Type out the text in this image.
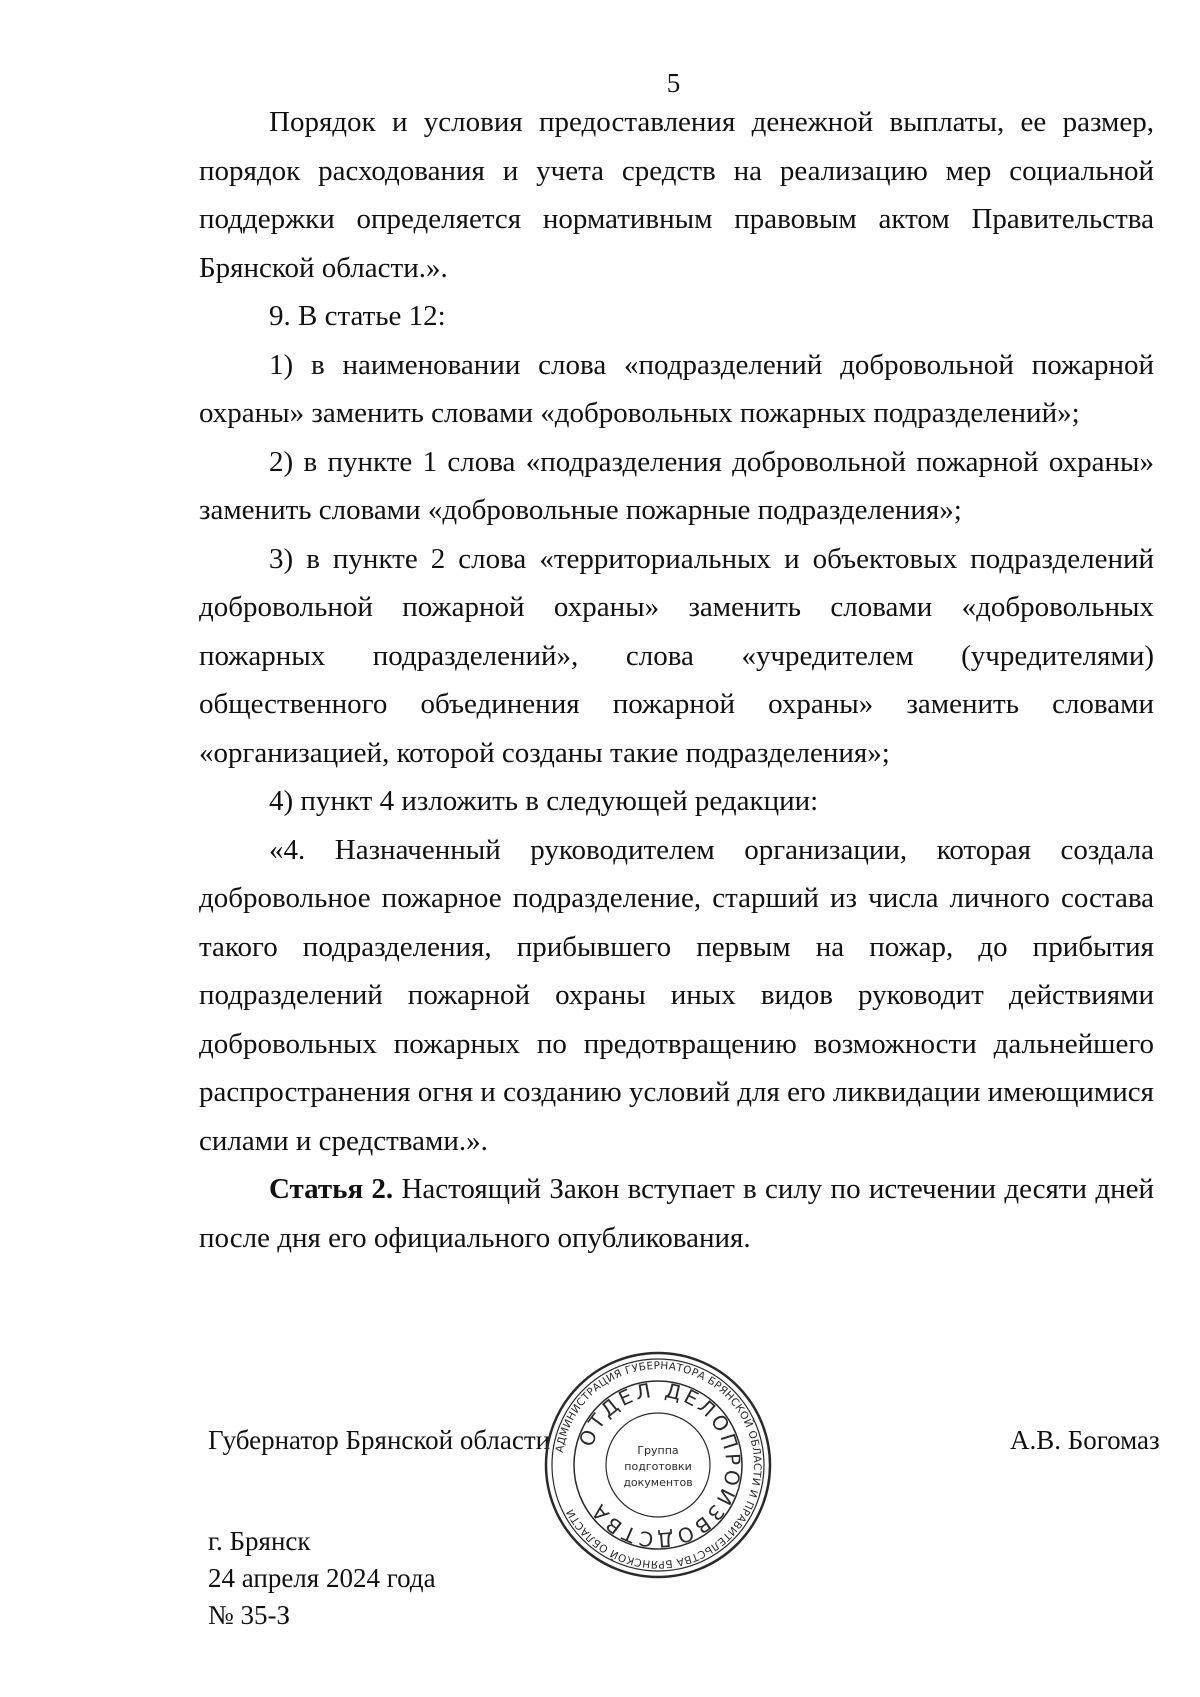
5

Порядок и условия предоставления денежной выплаты, ее размер, порядок расходования и учета средств на реализацию мер социальной поддержки определяется нормативным правовым актом Правительства Брянской области.».

9. В статье 12:

1) в наименовании слова «подразделений добровольной пожарной охраны» заменить словами «добровольных пожарных подразделений»;

2) в пункте 1 слова «подразделения добровольной пожарной охраны» заменить словами «добровольные пожарные подразделения»;

3) в пункте 2 слова «территориальных и объектовых подразделений добровольной пожарной охраны» заменить словами «добровольных пожарных подразделений», слова «учредителем (учредителями) общественного объединения пожарной охраны» заменить словами «организацией, которой созданы такие подразделения»;

4) пункт 4 изложить в следующей редакции:

«4. Назначенный руководителем организации, которая создала добровольное пожарное подразделение, старший из числа личного состава такого подразделения, прибывшего первым на пожар, до прибытия подразделений пожарной охраны иных видов руководит действиями добровольных пожарных по предотвращению возможности дальнейшего распространения огня и созданию условий для его ликвидации имеющимися силами и средствами.».

Статья 2. Настоящий Закон вступает в силу по истечении десяти дней после дня его официального опубликования.

Губернатор Брянской области	А.В. Богомаз
г. Брянск
24 апреля 2024 года
№ 35-З
АДМИНИСТРАЦИЯ ГУБЕРНАТОРА БРЯНСКОЙ ОБЛАСТИ И ПРАВИТЕЛЬСТВА БРЯНСКОЙ ОБЛАСТИ
ОТДЕЛ ДЕЛОПРОИЗВОДСТВА
Группа
подготовки
документов
